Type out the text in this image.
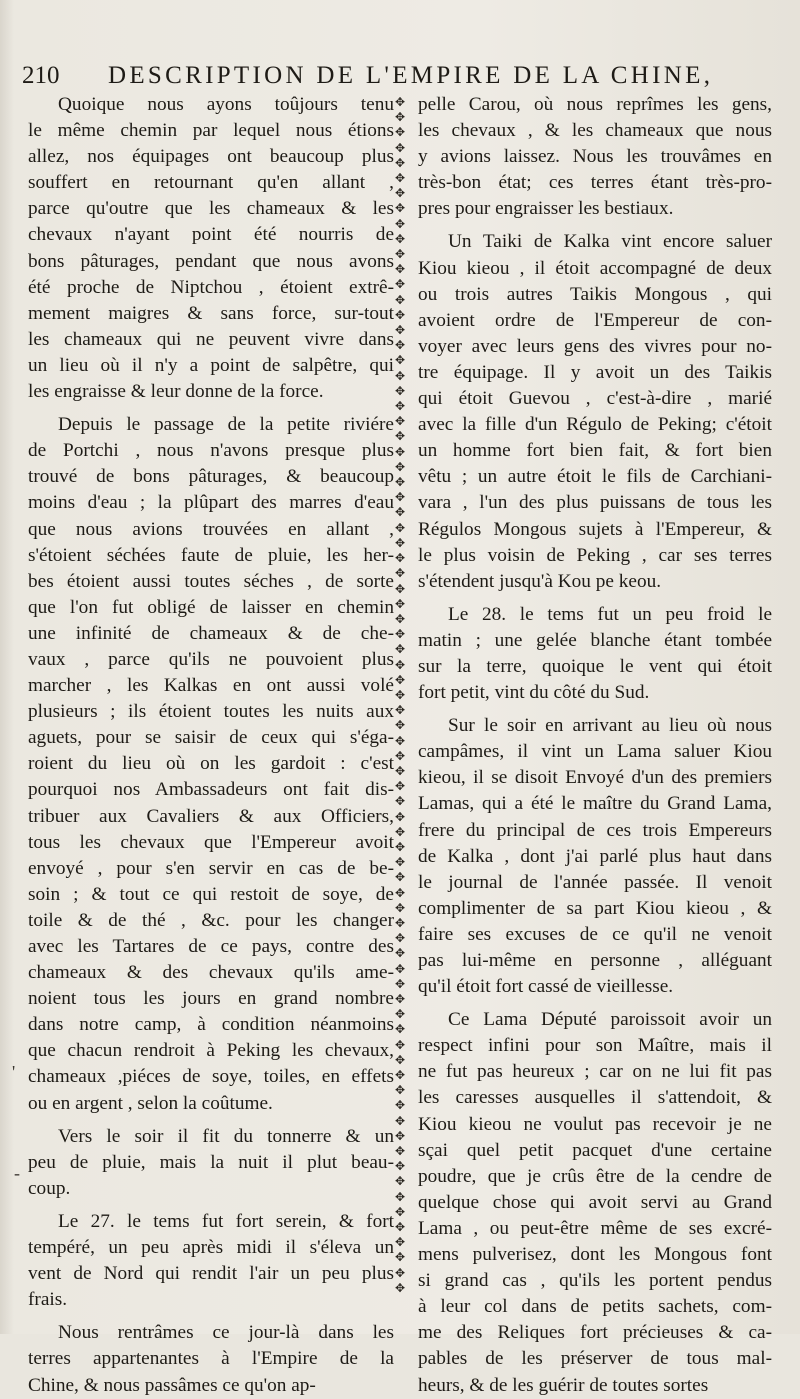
210 DESCRIPTION DE L'EMPIRE DE LA CHINE,

Quoique nous ayons toûjours tenu
le même chemin par lequel nous étions
allez, nos équipages ont beaucoup plus
souffert en retournant qu'en allant ,
parce qu'outre que les chameaux & les
chevaux n'ayant point été nourris de
bons pâturages, pendant que nous avons
été proche de Niptchou , étoient extrê-
mement maigres & sans force, sur-tout
les chameaux qui ne peuvent vivre dans
un lieu où il n'y a point de salpêtre, qui
les engraisse & leur donne de la force.

Depuis le passage de la petite riviére
de Portchi , nous n'avons presque plus
trouvé de bons pâturages, & beaucoup
moins d'eau ; la plûpart des marres d'eau
que nous avions trouvées en allant ,
s'étoient séchées faute de pluie, les her-
bes étoient aussi toutes séches , de sorte
que l'on fut obligé de laisser en chemin
une infinité de chameaux & de che-
vaux , parce qu'ils ne pouvoient plus
marcher , les Kalkas en ont aussi volé
plusieurs ; ils étoient toutes les nuits aux
aguets, pour se saisir de ceux qui s'éga-
roient du lieu où on les gardoit : c'est
pourquoi nos Ambassadeurs ont fait dis-
tribuer aux Cavaliers & aux Officiers,
tous les chevaux que l'Empereur avoit
envoyé , pour s'en servir en cas de be-
soin ; & tout ce qui restoit de soye, de
toile & de thé , &c. pour les changer
avec les Tartares de ce pays, contre des
chameaux & des chevaux qu'ils ame-
noient tous les jours en grand nombre
dans notre camp, à condition néanmoins
que chacun rendroit à Peking les chevaux,
chameaux ,piéces de soye, toiles, en effets
ou en argent , selon la coûtume.

Vers le soir il fit du tonnerre & un
peu de pluie, mais la nuit il plut beau-
coup.

Le 27. le tems fut fort serein, & fort
tempéré, un peu après midi il s'éleva un
vent de Nord qui rendit l'air un peu plus
frais.

Nous rentrâmes ce jour-là dans les
terres appartenantes à l'Empire de la
Chine, & nous passâmes ce qu'on ap-

✥
✥
✥
✥
✥
✥
✥
✥
✥
✥
✥
✥
✥
✥
✥
✥
✥
✥
✥
✥
✥
✥
✥
✥
✥
✥
✥
✥
✥
✥
✥
✥
✥
✥
✥
✥
✥
✥
✥
✥
✥
✥
✥
✥
✥
✥
✥
✥
✥
✥
✥
✥
✥
✥
✥
✥
✥
✥
✥
✥
✥
✥
✥
✥
✥
✥
✥
✥
✥
✥
✥
✥
✥
✥
✥
✥
✥
✥
✥

pelle Carou, où nous reprîmes les gens,
les chevaux , & les chameaux que nous
y avions laissez. Nous les trouvâmes en
très-bon état; ces terres étant très-pro-
pres pour engraisser les bestiaux.

Un Taiki de Kalka vint encore saluer
Kiou kieou , il étoit accompagné de deux
ou trois autres Taikis Mongous , qui
avoient ordre de l'Empereur de con-
voyer avec leurs gens des vivres pour no-
tre équipage. Il y avoit un des Taikis
qui étoit Guevou , c'est-à-dire , marié
avec la fille d'un Régulo de Peking; c'étoit
un homme fort bien fait, & fort bien
vêtu ; un autre étoit le fils de Carchiani-
vara , l'un des plus puissans de tous les
Régulos Mongous sujets à l'Empereur, &
le plus voisin de Peking , car ses terres
s'étendent jusqu'à Kou pe keou.

Le 28. le tems fut un peu froid le
matin ; une gelée blanche étant tombée
sur la terre, quoique le vent qui étoit
fort petit, vint du côté du Sud.

Sur le soir en arrivant au lieu où nous
campâmes, il vint un Lama saluer Kiou
kieou, il se disoit Envoyé d'un des premiers
Lamas, qui a été le maître du Grand Lama,
frere du principal de ces trois Empereurs
de Kalka , dont j'ai parlé plus haut dans
le journal de l'année passée. Il venoit
complimenter de sa part Kiou kieou , &
faire ses excuses de ce qu'il ne venoit
pas lui-même en personne , alléguant
qu'il étoit fort cassé de vieillesse.

Ce Lama Député paroissoit avoir un
respect infini pour son Maître, mais il
ne fut pas heureux ; car on ne lui fit pas
les caresses ausquelles il s'attendoit, &
Kiou kieou ne voulut pas recevoir je ne
sçai quel petit pacquet d'une certaine
poudre, que je crûs être de la cendre de
quelque chose qui avoit servi au Grand
Lama , ou peut-être même de ses excré-
mens pulverisez, dont les Mongous font
si grand cas , qu'ils les portent pendus
à leur col dans de petits sachets, com-
me des Reliques fort précieuses & ca-
pables de les préserver de tous mal-
heurs, & de les guérir de toutes sortes

'
-
